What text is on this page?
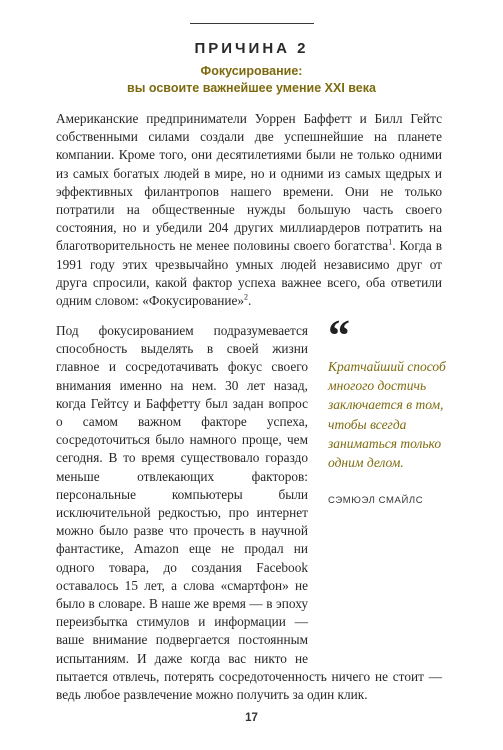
ПРИЧИНА 2
Фокусирование:
вы освоите важнейшее умение XXI века

Американские предприниматели Уоррен Баффетт и Билл Гейтс собственными силами создали две успешнейшие на планете компании. Кроме того, они десятилетиями были не только одними из самых богатых людей в мире, но и одними из самых щедрых и эффективных филантропов нашего времени. Они не только потратили на общественные нужды большую часть своего состояния, но и убедили 204 других миллиардеров потратить на благотворительность не менее половины своего богатства$^1$. Когда в 1991 году этих чрезвычайно умных людей независимо друг от друга спросили, какой фактор успеха важнее всего, оба ответили одним словом: «Фокусирование»$^2$.

Под фокусированием подразумевается способность выделять в своей жизни главное и сосредотачивать фокус своего внимания именно на нем. 30 лет назад, когда Гейтсу и Баффетту был задан вопрос о самом важном факторе успеха, сосредоточиться было намного проще, чем сегодня. В то время существовало гораздо меньше отвлекающих факторов: персональные компьютеры были исключительной редкостью, про интернет можно было разве что прочесть в научной фантастике, Amazon еще не продал ни одного товара, до создания Facebook оставалось 15 лет, а слова «смартфон» не было в словаре. В наше же время — в эпоху переизбытка стимулов и информации — ваше внимание подвергается постоянным испытаниям. И даже когда вас никто не пытается отвлечь, потерять сосредоточенность ничего не стоит — ведь любое развлечение можно получить за один клик.

“

Кратчайший способ многого достичь заключается в том, чтобы всегда заниматься только одним делом.

СЭМЮЭЛ СМАЙЛС
17
